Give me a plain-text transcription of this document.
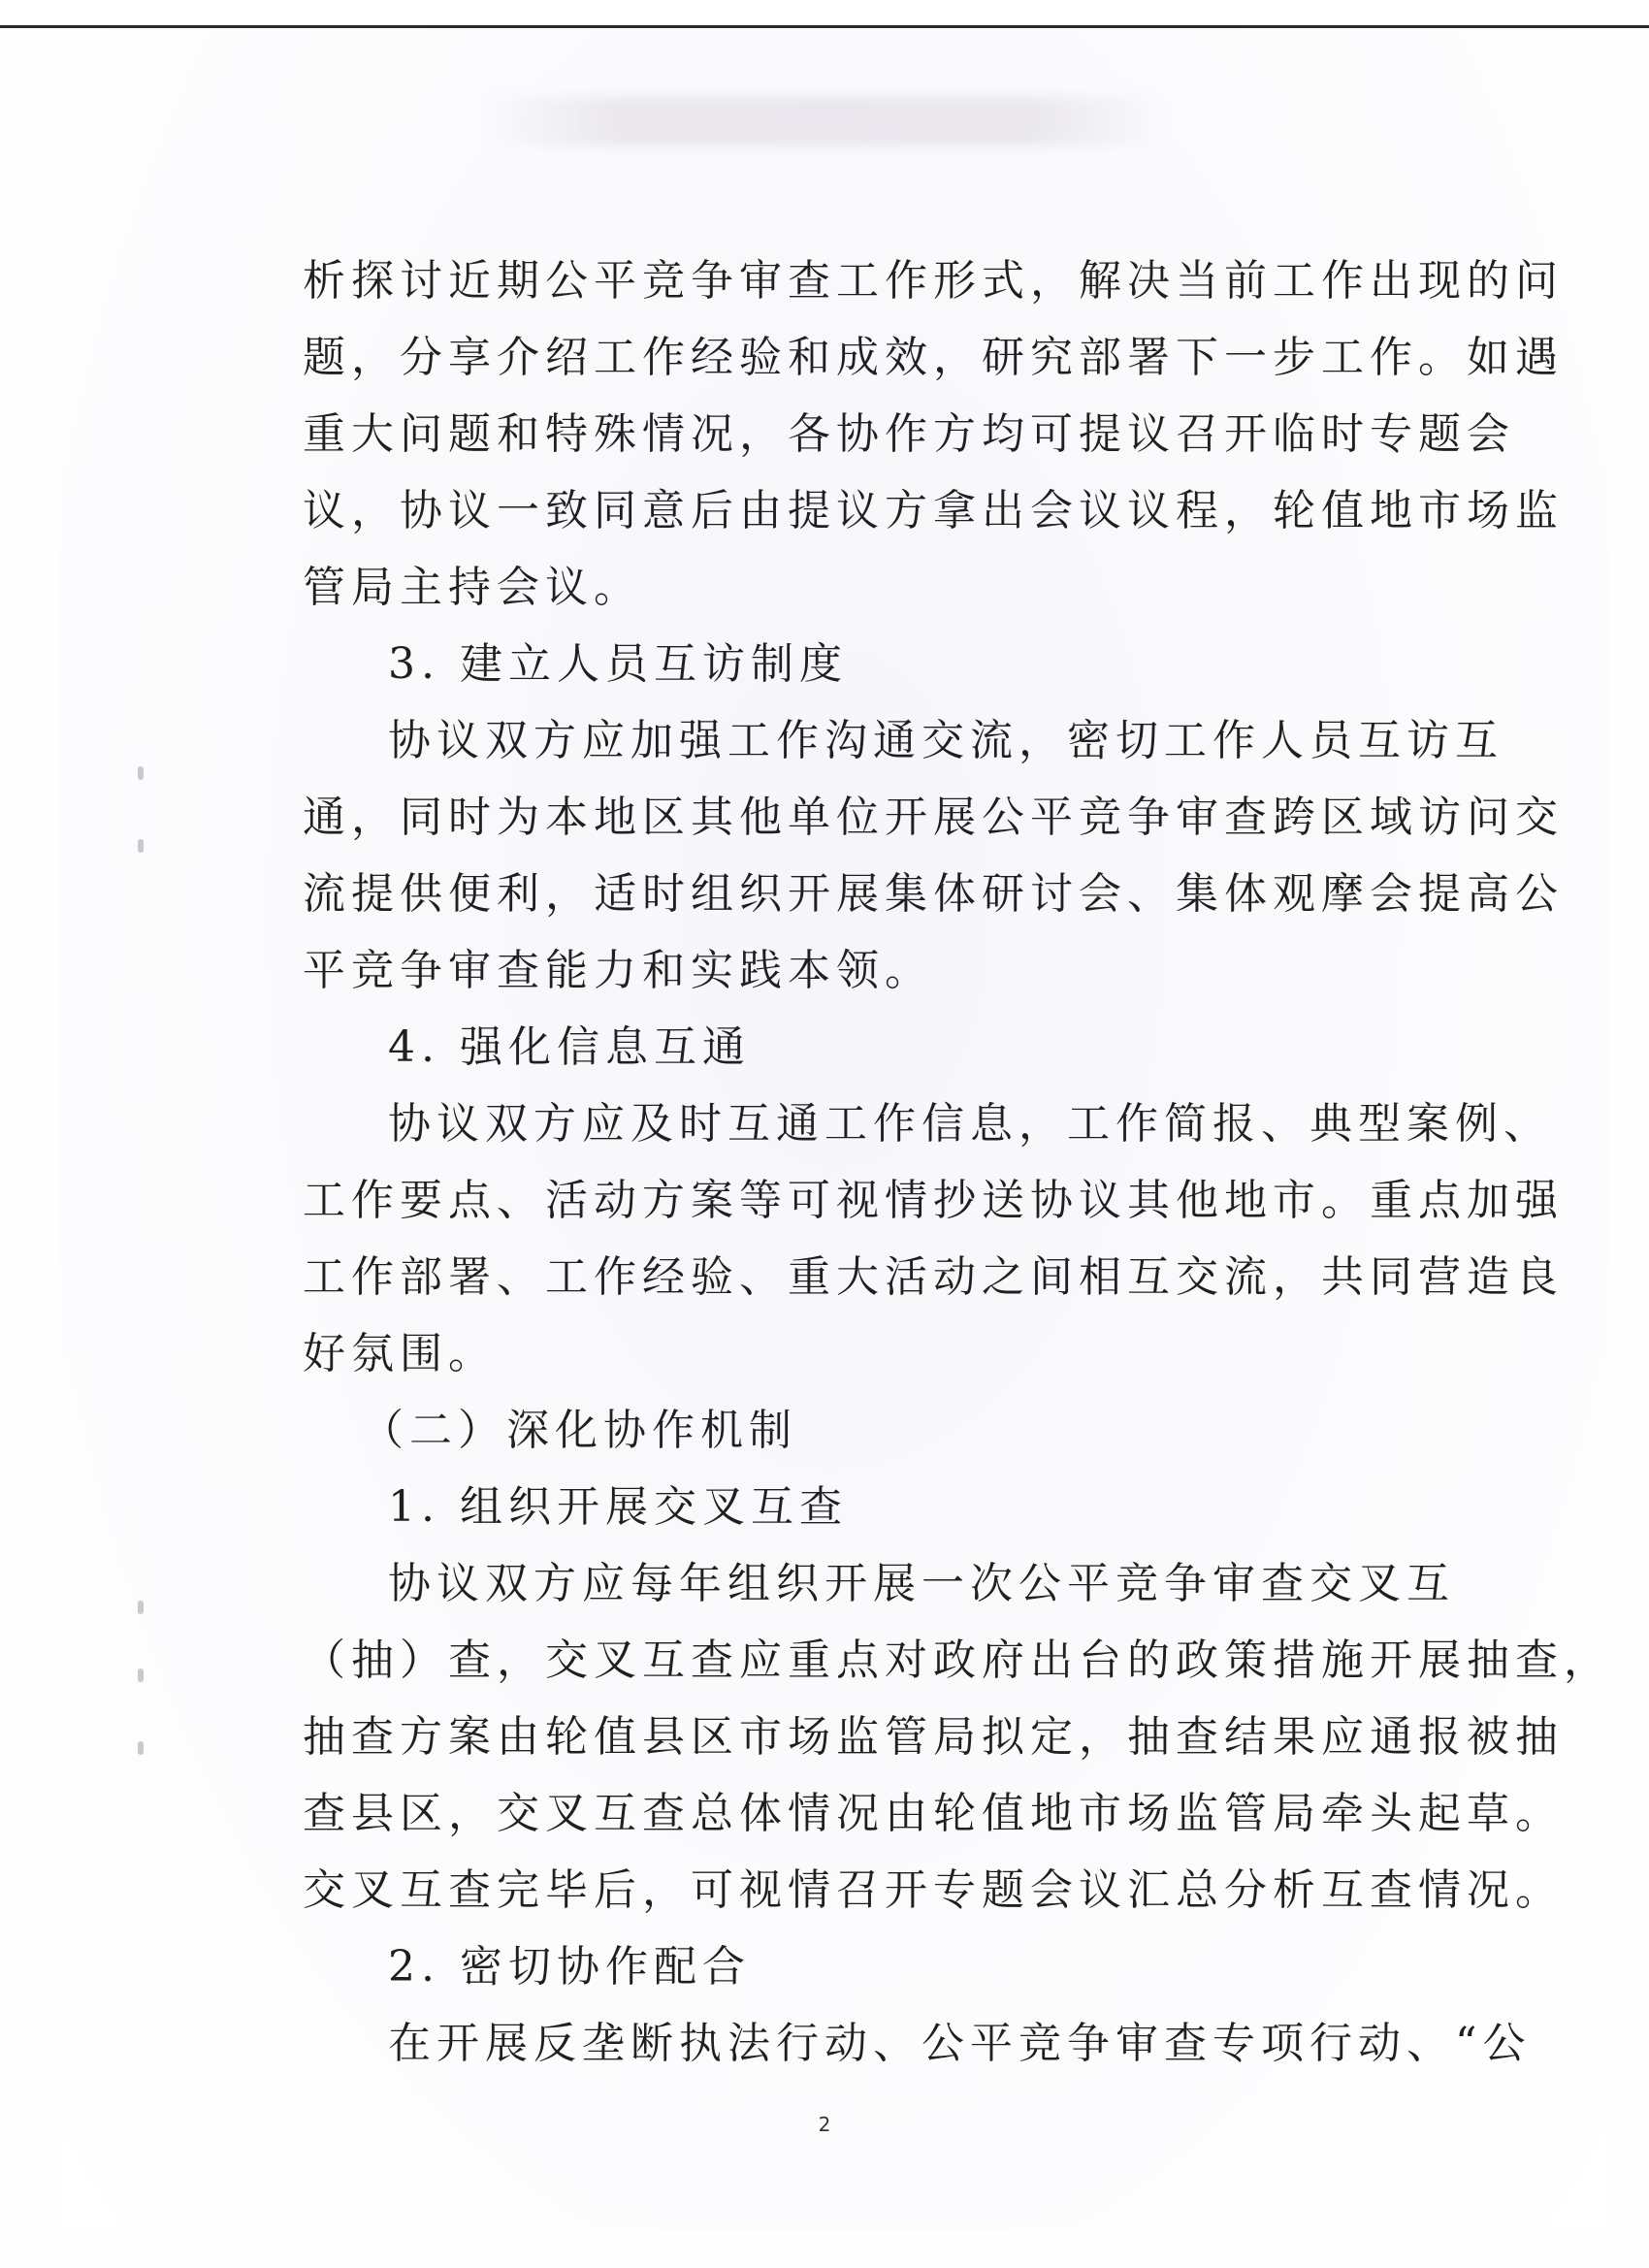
析探讨近期公平竞争审查工作形式，解决当前工作出现的问
题，分享介绍工作经验和成效，研究部署下一步工作。如遇
重大问题和特殊情况，各协作方均可提议召开临时专题会
议，协议一致同意后由提议方拿出会议议程，轮值地市场监
管局主持会议。
3. 建立人员互访制度
协议双方应加强工作沟通交流，密切工作人员互访互
通，同时为本地区其他单位开展公平竞争审查跨区域访问交
流提供便利，适时组织开展集体研讨会、集体观摩会提高公
平竞争审查能力和实践本领。
4. 强化信息互通
协议双方应及时互通工作信息，工作简报、典型案例、
工作要点、活动方案等可视情抄送协议其他地市。重点加强
工作部署、工作经验、重大活动之间相互交流，共同营造良
好氛围。
（二）深化协作机制
1. 组织开展交叉互查
协议双方应每年组织开展一次公平竞争审查交叉互
（抽）查，交叉互查应重点对政府出台的政策措施开展抽查，
抽查方案由轮值县区市场监管局拟定，抽查结果应通报被抽
查县区，交叉互查总体情况由轮值地市场监管局牵头起草。
交叉互查完毕后，可视情召开专题会议汇总分析互查情况。
2. 密切协作配合
在开展反垄断执法行动、公平竞争审查专项行动、“公
2
